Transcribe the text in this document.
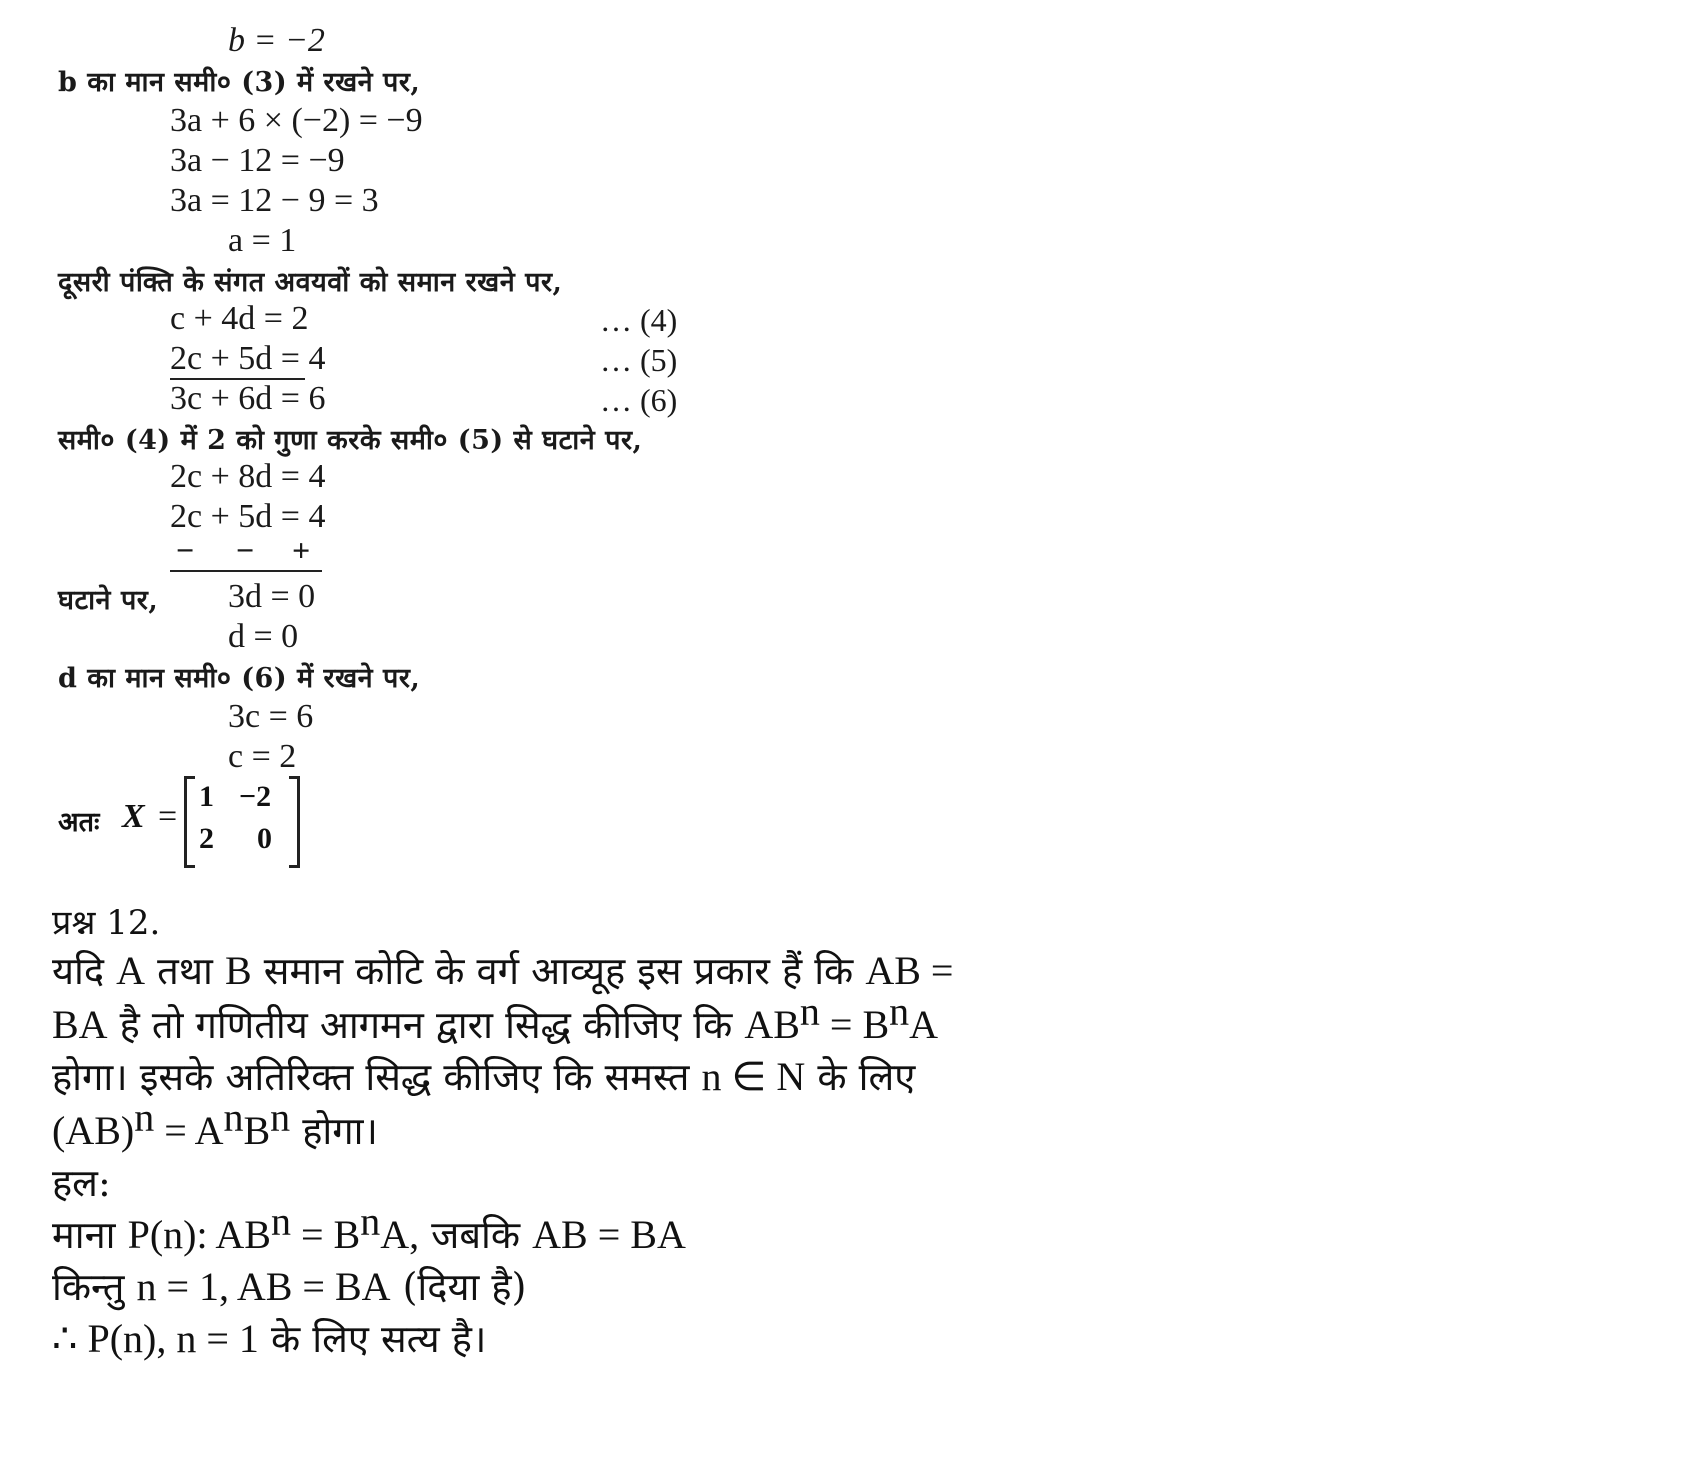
b = −2
b का मान समी० (3) में रखने पर,
3a + 6 × (−2) = −9
3a − 12 = −9
3a = 12 − 9 = 3
a = 1
दूसरी पंक्ति के संगत अवयवों को समान रखने पर,
c + 4d = 2	… (4)
2c + 5d = 4	… (5)
3c + 6d = 6	… (6)
समी० (4) में 2 को गुणा करके समी० (5) से घटाने पर,
2c + 8d = 4
2c + 5d = 4
− − +
घटाने पर, 3d = 0
d = 0
d का मान समी० (6) में रखने पर,
3c = 6
c = 2
अतः X =
1 −2
2 0
प्रश्न 12.
यदि A तथा B समान कोटि के वर्ग आव्यूह इस प्रकार हैं कि AB =
BA है तो गणितीय आगमन द्वारा सिद्ध कीजिए कि $AB^n = B^nA$
होगा। इसके अतिरिक्त सिद्ध कीजिए कि समस्त n ∈ N के लिए
$(AB)^n = A^nB^n$ होगा।
हल:
माना P(n): $AB^n = B^nA$, जबकि AB = BA
किन्तु n = 1, AB = BA (दिया है)
∴ P(n), n = 1 के लिए सत्य है।
